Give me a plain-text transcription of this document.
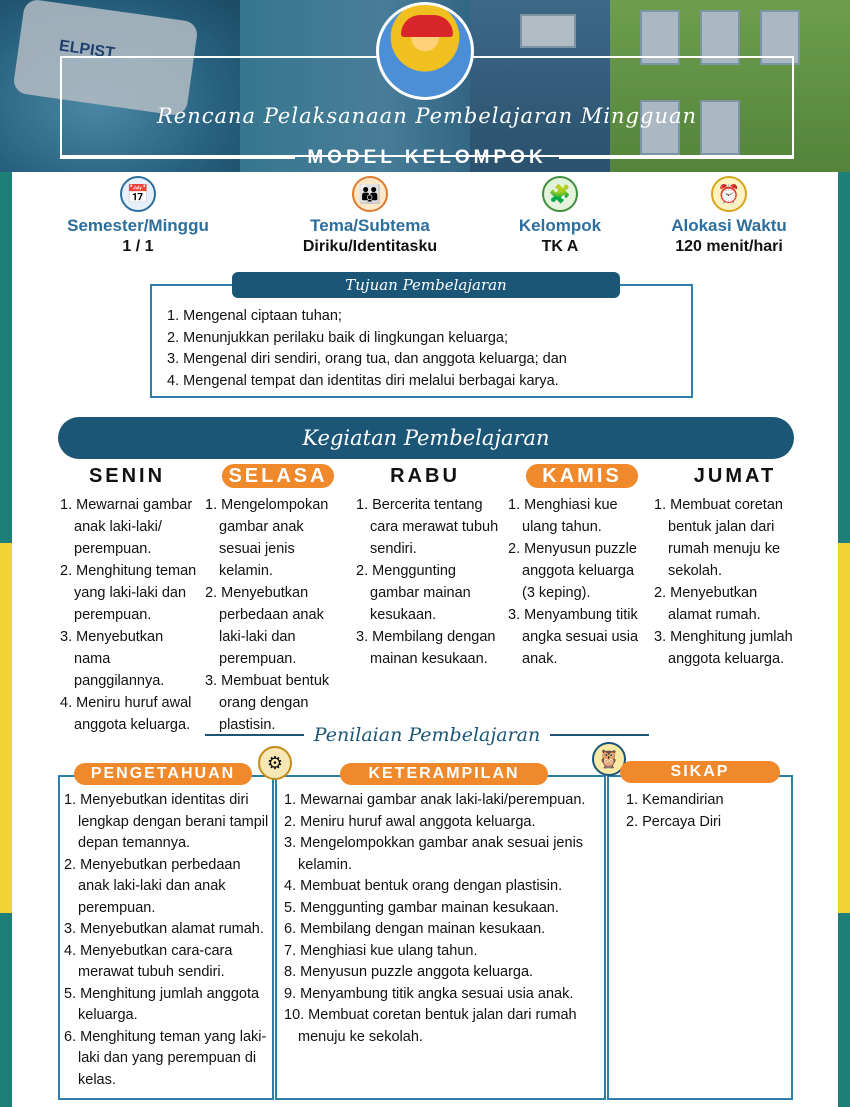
ELPIST
Rencana Pelaksanaan Pembelajaran Mingguan
MODEL KELOMPOK
📅
Semester/Minggu
1 / 1
👪
Tema/Subtema
Diriku/Identitasku
🧩
Kelompok
TK A
⏰
Alokasi Waktu
120 menit/hari
Tujuan Pembelajaran
1. Mengenal ciptaan tuhan;
2. Menunjukkan perilaku baik di lingkungan keluarga;
3. Mengenal diri sendiri, orang tua, dan anggota keluarga; dan
4. Mengenal tempat dan identitas diri melalui berbagai karya.
Kegiatan Pembelajaran
SENIN	SELASA	RABU	KAMIS	JUMAT
1. Mewarnai gambar anak laki-laki/ perempuan.
2. Menghitung teman yang laki-laki dan perempuan.
3. Menyebutkan nama panggilannya.
4. Meniru huruf awal anggota keluarga.
1. Mengelompokan gambar anak sesuai jenis kelamin.
2. Menyebutkan perbedaan anak laki-laki dan perempuan.
3. Membuat bentuk orang dengan plastisin.
1. Bercerita tentang cara merawat tubuh sendiri.
2. Menggunting gambar mainan kesukaan.
3. Membilang dengan mainan kesukaan.
1. Menghiasi kue ulang tahun.
2. Menyusun puzzle anggota keluarga (3 keping).
3. Menyambung titik angka sesuai usia anak.
1. Membuat coretan bentuk jalan dari rumah menuju ke sekolah.
2. Menyebutkan alamat rumah.
3. Menghitung jumlah anggota keluarga.
Penilaian Pembelajaran
PENGETAHUAN
⚙
KETERAMPILAN
🦉
SIKAP
1. Menyebutkan identitas diri lengkap dengan berani tampil depan temannya.
2. Menyebutkan perbedaan anak laki-laki dan anak perempuan.
3. Menyebutkan alamat rumah.
4. Menyebutkan cara-cara merawat tubuh sendiri.
5. Menghitung jumlah anggota keluarga.
6. Menghitung teman yang laki-laki dan yang perempuan di kelas.
1. Mewarnai gambar anak laki-laki/perempuan.
2. Meniru huruf awal anggota keluarga.
3. Mengelompokkan gambar anak sesuai jenis kelamin.
4. Membuat bentuk orang dengan plastisin.
5. Menggunting gambar mainan kesukaan.
6. Membilang dengan mainan kesukaan.
7. Menghiasi kue ulang tahun.
8. Menyusun puzzle anggota keluarga.
9. Menyambung titik angka sesuai usia anak.
10. Membuat coretan bentuk jalan dari rumah menuju ke sekolah.
1. Kemandirian
2. Percaya Diri
